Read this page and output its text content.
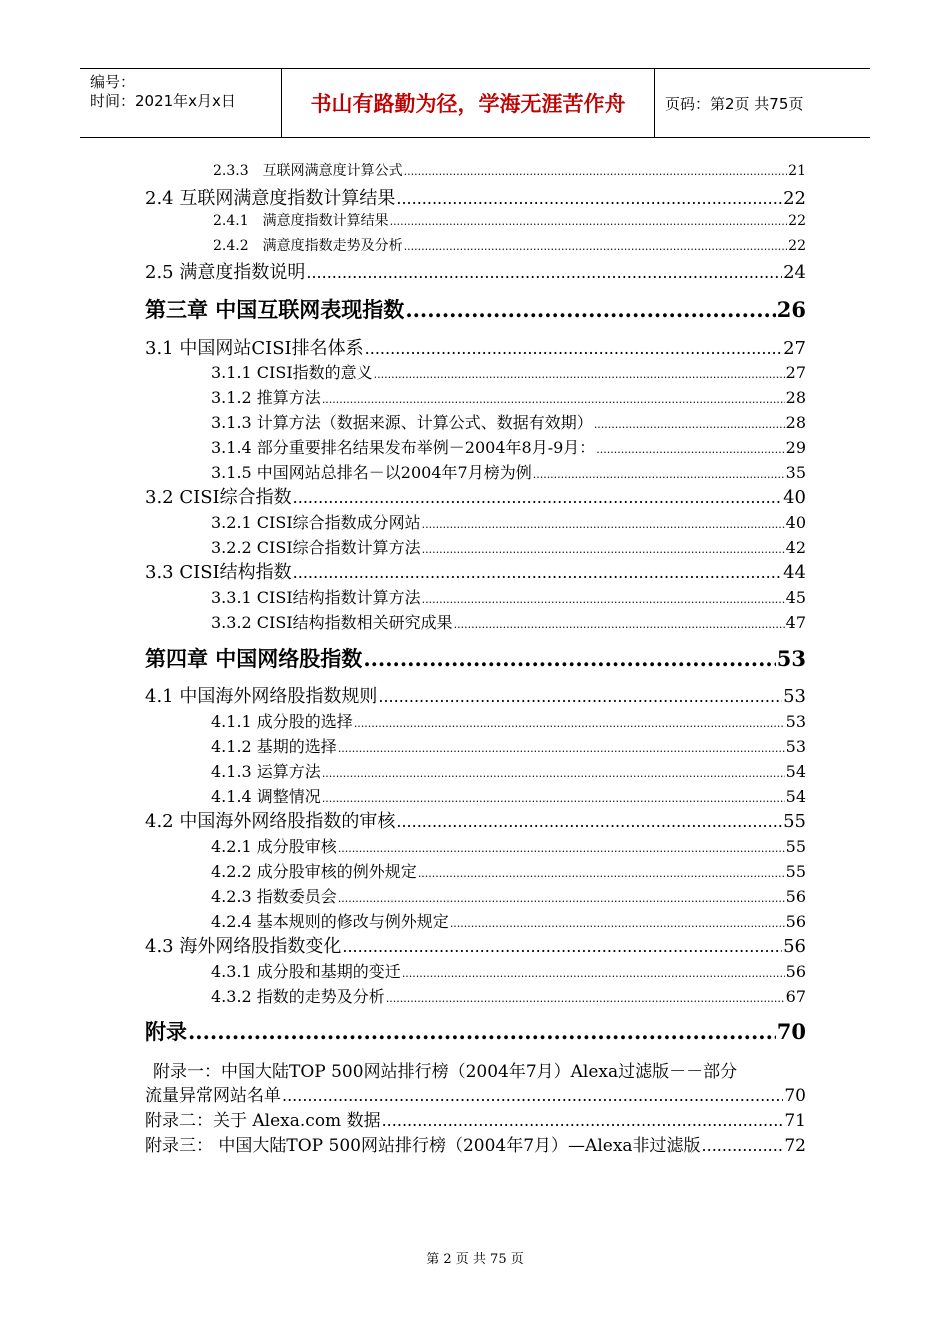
编号：
时间：2021年x月x日	书山有路勤为径，学海无涯苦作舟	页码：第2页 共75页
2.3.3　互联网满意度计算公式 .....	21
2.4 互联网满意度指数计算结果 .....	22
2.4.1　满意度指数计算结果 .....	22
2.4.2　满意度指数走势及分析 .....	22
2.5 满意度指数说明 .....	24
第三章 中国互联网表现指数 .....	26
3.1 中国网站CISI排名体系 .....	27
3.1.1 CISI指数的意义 .....	27
3.1.2 推算方法 .....	28
3.1.3 计算方法（数据来源、计算公式、数据有效期） .....	28
3.1.4 部分重要排名结果发布举例－2004年8月-9月： .....	29
3.1.5 中国网站总排名－以2004年7月榜为例 .....	35
3.2 CISI综合指数 .....	40
3.2.1 CISI综合指数成分网站 .....	40
3.2.2 CISI综合指数计算方法 .....	42
3.3 CISI结构指数 .....	44
3.3.1 CISI结构指数计算方法 .....	45
3.3.2 CISI结构指数相关研究成果 .....	47
第四章 中国网络股指数 .....	53
4.1 中国海外网络股指数规则 .....	53
4.1.1 成分股的选择 .....	53
4.1.2 基期的选择 .....	53
4.1.3 运算方法 .....	54
4.1.4 调整情况 .....	54
4.2 中国海外网络股指数的审核 .....	55
4.2.1 成分股审核 .....	55
4.2.2 成分股审核的例外规定 .....	55
4.2.3 指数委员会 .....	56
4.2.4 基本规则的修改与例外规定 .....	56
4.3 海外网络股指数变化 .....	56
4.3.1 成分股和基期的变迁 .....	56
4.3.2 指数的走势及分析 .....	67
附录 .....	70
附录一：中国大陆TOP 500网站排行榜（2004年7月）Alexa过滤版－－部分
流量异常网站名单 .....	70
附录二：关于 Alexa.com 数据 .....	71
附录三： 中国大陆TOP 500网站排行榜（2004年7月）—Alexa非过滤版 .....	72
第 2 页 共 75 页
